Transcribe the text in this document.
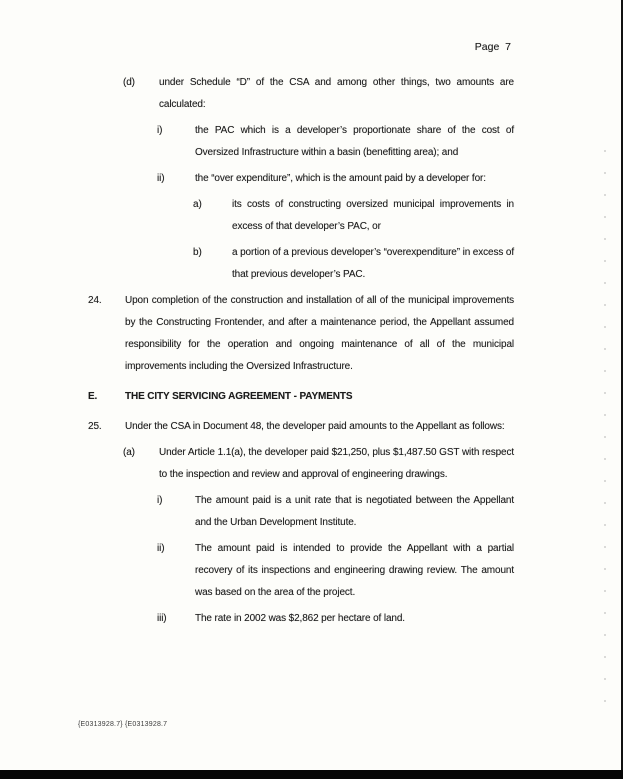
Page  7
(d)	under Schedule “D” of the CSA and among other things, two amounts are calculated:
i)	the PAC which is a developer’s proportionate share of the cost of Oversized Infrastructure within a basin (benefitting area); and
ii)	the “over expenditure”, which is the amount paid by a developer for:
a)	its costs of constructing oversized municipal improvements in excess of that developer’s PAC, or
b)	a portion of a previous developer’s “overexpenditure” in excess of that previous developer’s PAC.
24.	Upon completion of the construction and installation of all of the municipal improvements by the Constructing Frontender, and after a maintenance period, the Appellant assumed responsibility for the operation and ongoing maintenance of all of the municipal improvements including the Oversized Infrastructure.
E.	THE CITY SERVICING AGREEMENT - PAYMENTS
25.	Under the CSA in Document 48, the developer paid amounts to the Appellant as follows:
(a)	Under Article 1.1(a), the developer paid $21,250, plus $1,487.50 GST with respect to the inspection and review and approval of engineering drawings.
i)	The amount paid is a unit rate that is negotiated between the Appellant and the Urban Development Institute.
ii)	The amount paid is intended to provide the Appellant with a partial recovery of its inspections and engineering drawing review. The amount was based on the area of the project.
iii)	The rate in 2002 was $2,862 per hectare of land.
{E0313928.7} {E0313928.7
